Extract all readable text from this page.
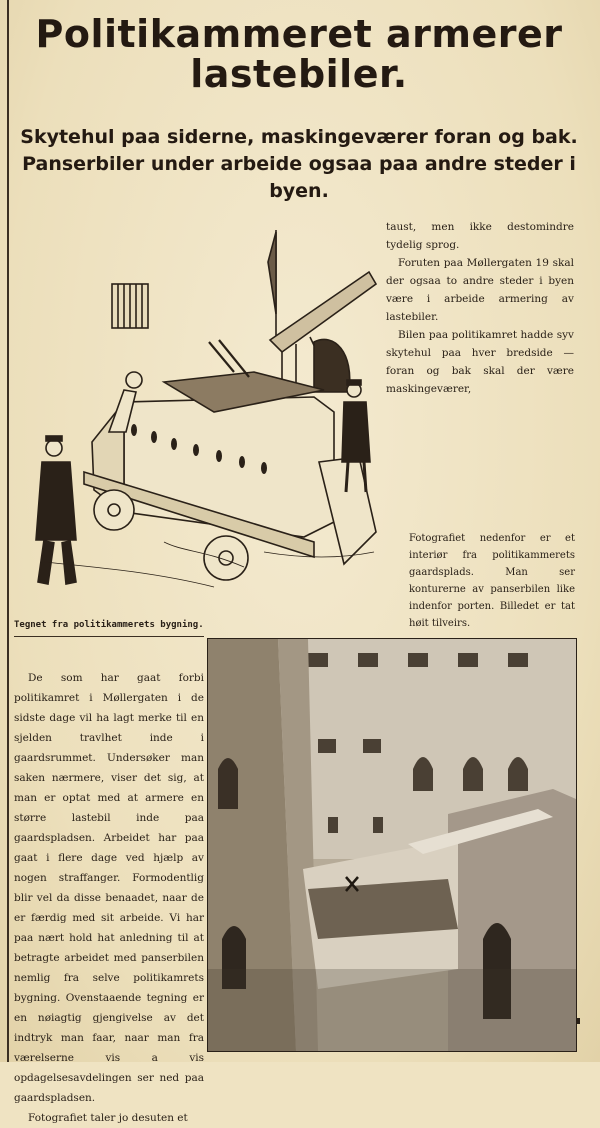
Politikammeret armerer lastebiler.
Skytehul paa siderne, maskingeværer foran og bak. Panserbiler under arbeide ogsaa paa andre steder i byen.

taust, men ikke destomindre tydelig sprog.

Foruten paa Møllergaten 19 skal der ogsaa to andre steder i byen være i arbeide armering av lastebiler.

Bilen paa politikamret hadde syv skytehul paa hver bredside — foran og bak skal der være maskingeværer,

Fotografiet nedenfor er et interiør fra politikammerets gaardsplads. Man ser konturerne av panserbilen like indenfor porten. Billedet er tat høit tilveirs.
Tegnet fra politikammerets bygning.

De som har gaat forbi politikamret i Møllergaten i de sidste dage vil ha lagt merke til en sjelden travlhet inde i gaardsrummet. Undersøker man saken nærmere, viser det sig, at man er optat med at armere en større lastebil inde paa gaardspladsen. Arbeidet har paa gaat i flere dage ved hjælp av nogen straffanger. Formodentlig blir vel da disse benaadet, naar de er færdig med sit arbeide. Vi har paa nært hold hat anledning til at betragte arbeidet med panserbilen nemlig fra selve politikamrets bygning. Ovenstaaende tegning er en nøiagtig gjengivelse av det indtryk man faar, naar man fra værelserne vis a vis opdagelsesavdelingen ser ned paa gaardspladsen.

Fotografiet taler jo desuten et
